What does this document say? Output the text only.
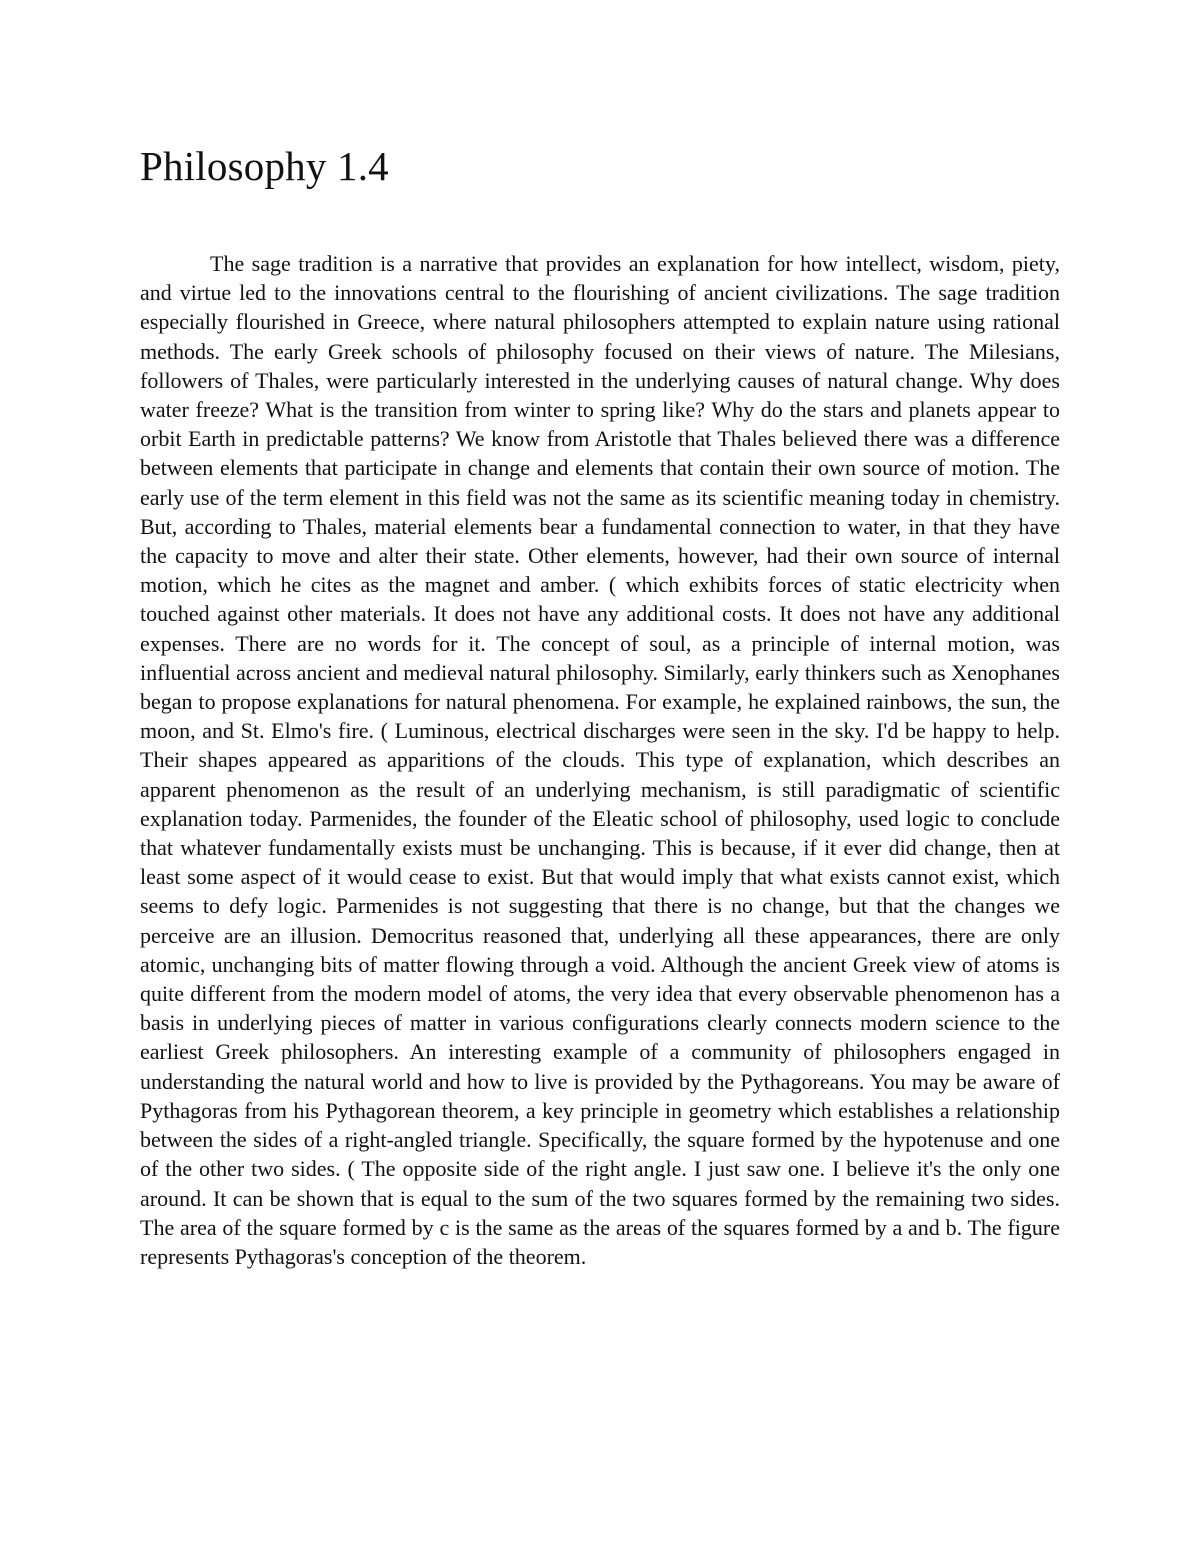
Philosophy 1.4

The sage tradition is a narrative that provides an explanation for how intellect, wisdom, piety, and virtue led to the innovations central to the flourishing of ancient civilizations. The sage tradition especially flourished in Greece, where natural philosophers attempted to explain nature using rational methods. The early Greek schools of philosophy focused on their views of nature. The Milesians, followers of Thales, were particularly interested in the underlying causes of natural change. Why does water freeze? What is the transition from winter to spring like? Why do the stars and planets appear to orbit Earth in predictable patterns? We know from Aristotle that Thales believed there was a difference between elements that participate in change and elements that contain their own source of motion. The early use of the term element in this field was not the same as its scientific meaning today in chemistry. But, according to Thales, material elements bear a fundamental connection to water, in that they have the capacity to move and alter their state. Other elements, however, had their own source of internal motion, which he cites as the magnet and amber. ( which exhibits forces of static electricity when touched against other materials. It does not have any additional costs. It does not have any additional expenses. There are no words for it. The concept of soul, as a principle of internal motion, was influential across ancient and medieval natural philosophy. Similarly, early thinkers such as Xenophanes began to propose explanations for natural phenomena. For example, he explained rainbows, the sun, the moon, and St. Elmo's fire. ( Luminous, electrical discharges were seen in the sky. I'd be happy to help. Their shapes appeared as apparitions of the clouds. This type of explanation, which describes an apparent phenomenon as the result of an underlying mechanism, is still paradigmatic of scientific explanation today. Parmenides, the founder of the Eleatic school of philosophy, used logic to conclude that whatever fundamentally exists must be unchanging. This is because, if it ever did change, then at least some aspect of it would cease to exist. But that would imply that what exists cannot exist, which seems to defy logic. Parmenides is not suggesting that there is no change, but that the changes we perceive are an illusion. Democritus reasoned that, underlying all these appearances, there are only atomic, unchanging bits of matter flowing through a void. Although the ancient Greek view of atoms is quite different from the modern model of atoms, the very idea that every observable phenomenon has a basis in underlying pieces of matter in various configurations clearly connects modern science to the earliest Greek philosophers. An interesting example of a community of philosophers engaged in understanding the natural world and how to live is provided by the Pythagoreans. You may be aware of Pythagoras from his Pythagorean theorem, a key principle in geometry which establishes a relationship between the sides of a right-angled triangle. Specifically, the square formed by the hypotenuse and one of the other two sides. ( The opposite side of the right angle. I just saw one. I believe it's the only one around. It can be shown that is equal to the sum of the two squares formed by the remaining two sides. The area of the square formed by c is the same as the areas of the squares formed by a and b. The figure represents Pythagoras's conception of the theorem.
